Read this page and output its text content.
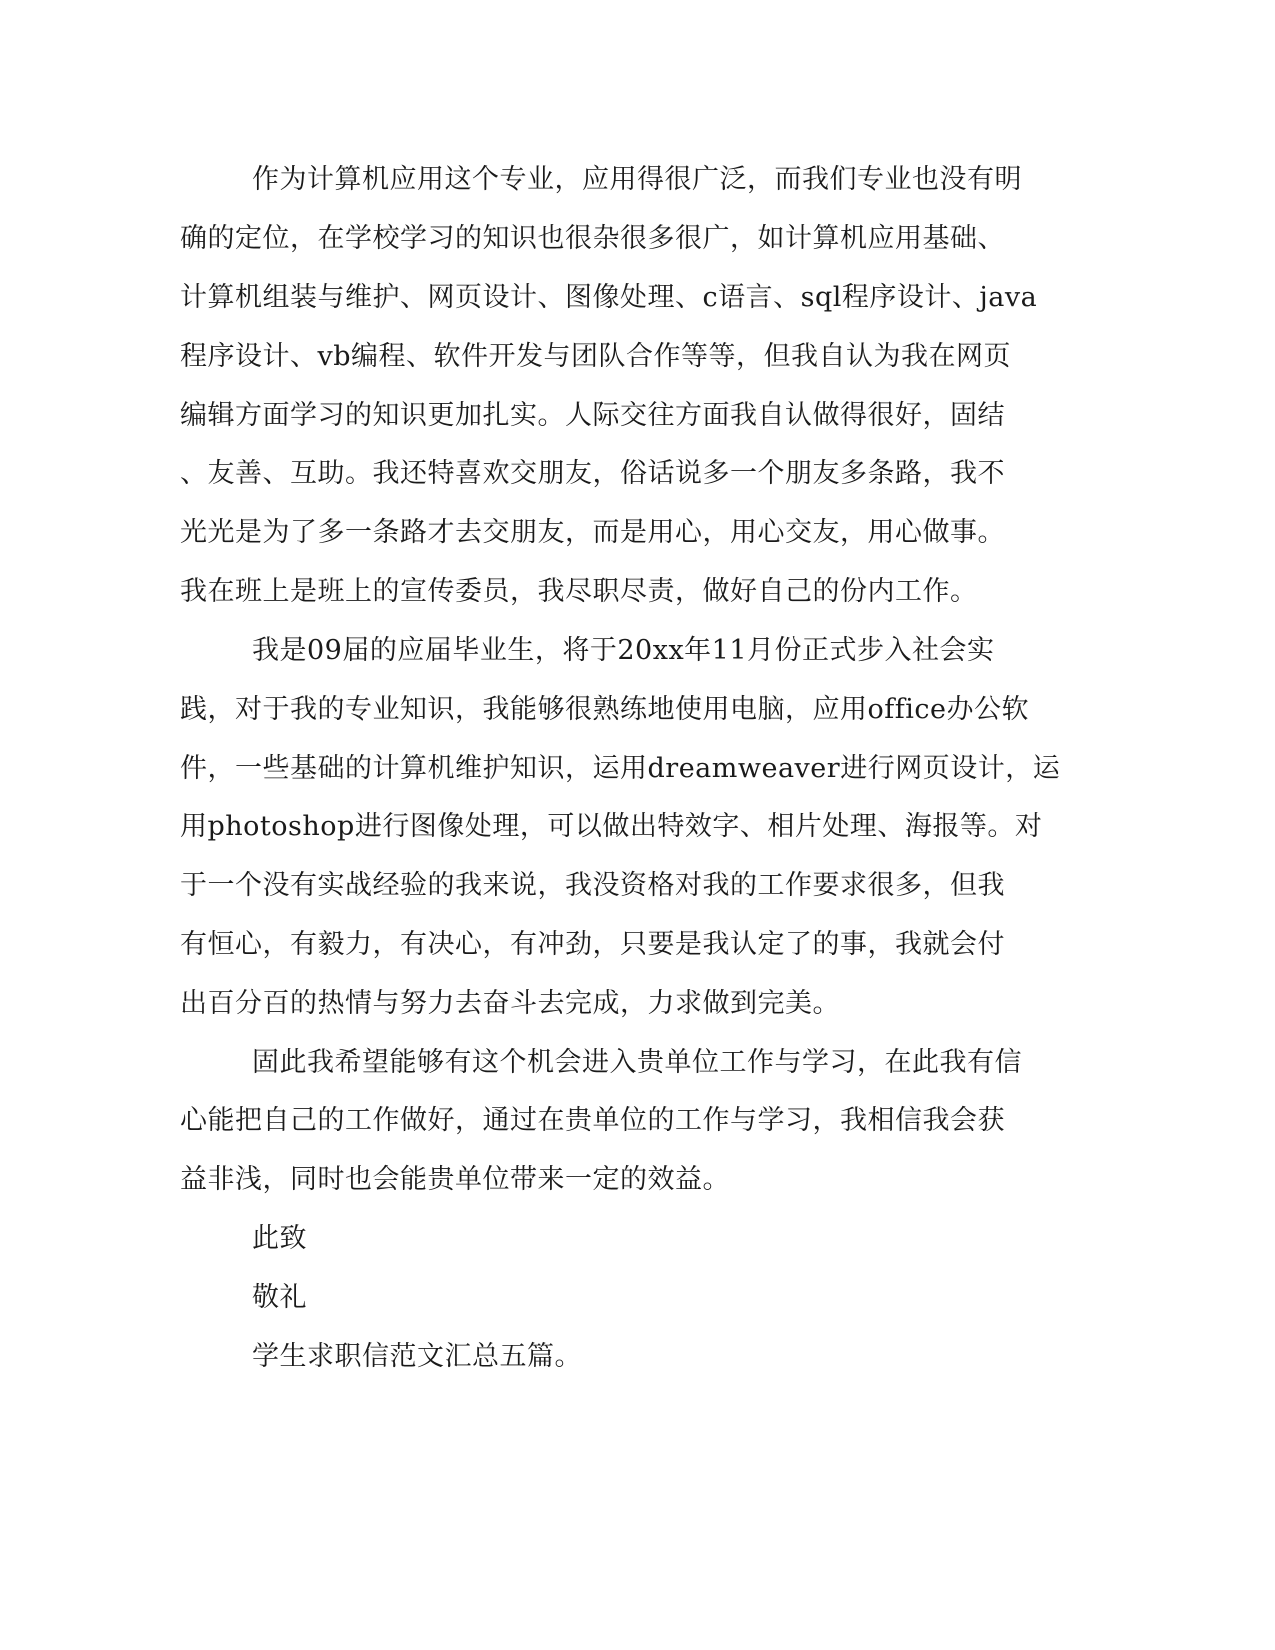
作为计算机应用这个专业，应用得很广泛，而我们专业也没有明

确的定位，在学校学习的知识也很杂很多很广，如计算机应用基础、

计算机组装与维护、网页设计、图像处理、c语言、sql程序设计、java

程序设计、vb编程、软件开发与团队合作等等，但我自认为我在网页

编辑方面学习的知识更加扎实。人际交往方面我自认做得很好，固结

、友善、互助。我还特喜欢交朋友，俗话说多一个朋友多条路，我不

光光是为了多一条路才去交朋友，而是用心，用心交友，用心做事。

我在班上是班上的宣传委员，我尽职尽责，做好自己的份内工作。

我是09届的应届毕业生，将于20xx年11月份正式步入社会实

践，对于我的专业知识，我能够很熟练地使用电脑，应用office办公软

件，一些基础的计算机维护知识，运用dreamweaver进行网页设计，运

用photoshop进行图像处理，可以做出特效字、相片处理、海报等。对

于一个没有实战经验的我来说，我没资格对我的工作要求很多，但我

有恒心，有毅力，有决心，有冲劲，只要是我认定了的事，我就会付

出百分百的热情与努力去奋斗去完成，力求做到完美。

固此我希望能够有这个机会进入贵单位工作与学习，在此我有信

心能把自己的工作做好，通过在贵单位的工作与学习，我相信我会获

益非浅，同时也会能贵单位带来一定的效益。

此致

敬礼

学生求职信范文汇总五篇。
